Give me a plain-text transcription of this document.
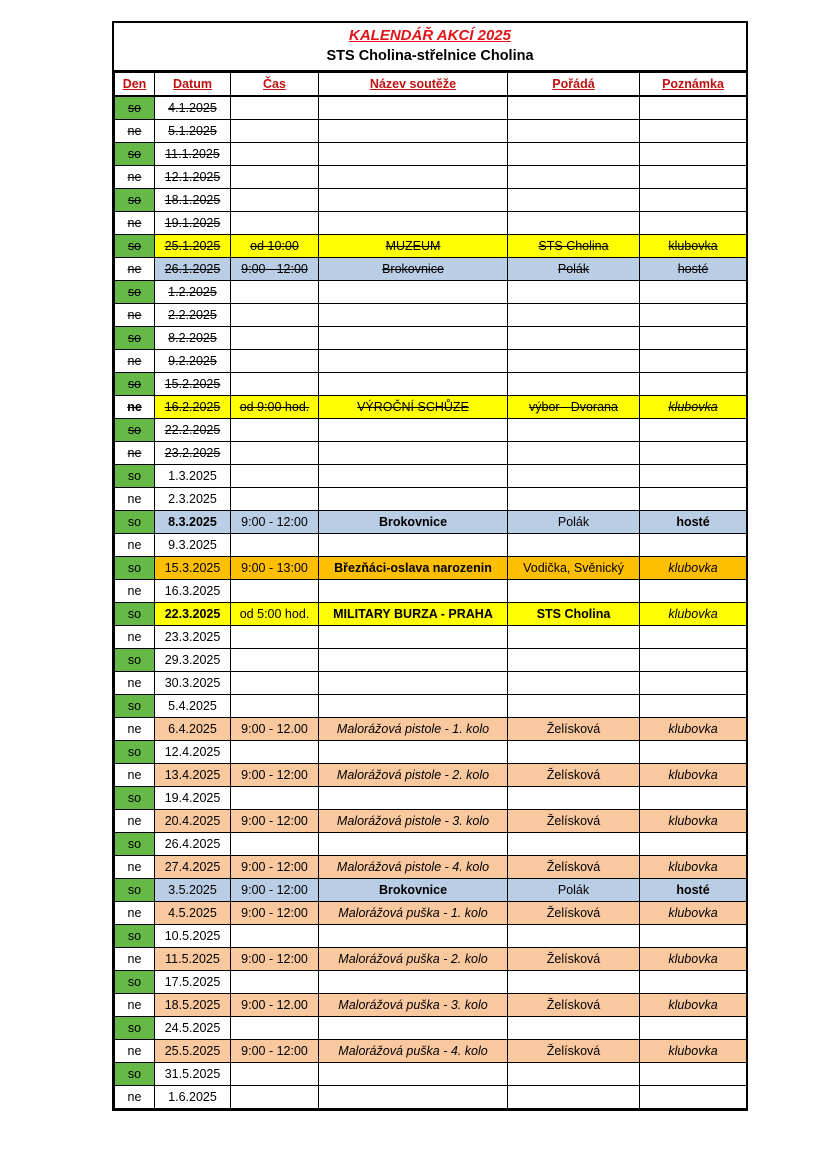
KALENDÁŘ AKCÍ 2025
STS Cholina-střelnice Cholina
Den	Datum	Čas	Název soutěže	Pořádá	Poznámka
so	4.1.2025				
ne	5.1.2025				
so	11.1.2025				
ne	12.1.2025				
so	18.1.2025				
ne	19.1.2025				
so	25.1.2025	od 10:00	MUZEUM	STS Cholina	klubovka
ne	26.1.2025	9:00 - 12:00	Brokovnice	Polák	hosté
so	1.2.2025				
ne	2.2.2025				
so	8.2.2025				
ne	9.2.2025				
so	15.2.2025				
ne	16.2.2025	od 9:00 hod.	VÝROČNÍ SCHŮZE	výbor - Dvorana	klubovka
so	22.2.2025				
ne	23.2.2025				
so	1.3.2025				
ne	2.3.2025				
so	8.3.2025	9:00 - 12:00	Brokovnice	Polák	hosté
ne	9.3.2025				
so	15.3.2025	9:00 - 13:00	Březňáci-oslava narozenin	Vodička, Svěnický	klubovka
ne	16.3.2025				
so	22.3.2025	od 5:00 hod.	MILITARY BURZA - PRAHA	STS Cholina	klubovka
ne	23.3.2025				
so	29.3.2025				
ne	30.3.2025				
so	5.4.2025				
ne	6.4.2025	9:00 - 12.00	Malorážová pistole - 1. kolo	Želísková	klubovka
so	12.4.2025				
ne	13.4.2025	9:00 - 12:00	Malorážová pistole - 2. kolo	Želísková	klubovka
so	19.4.2025				
ne	20.4.2025	9:00 - 12:00	Malorážová pistole - 3. kolo	Želísková	klubovka
so	26.4.2025				
ne	27.4.2025	9:00 - 12:00	Malorážová pistole - 4. kolo	Želísková	klubovka
so	3.5.2025	9:00 - 12:00	Brokovnice	Polák	hosté
ne	4.5.2025	9:00 - 12:00	Malorážová puška - 1. kolo	Želísková	klubovka
so	10.5.2025				
ne	11.5.2025	9:00 - 12:00	Malorážová puška - 2. kolo	Želísková	klubovka
so	17.5.2025				
ne	18.5.2025	9:00 - 12.00	Malorážová puška - 3. kolo	Želísková	klubovka
so	24.5.2025				
ne	25.5.2025	9:00 - 12:00	Malorážová puška - 4. kolo	Želísková	klubovka
so	31.5.2025				
ne	1.6.2025				
